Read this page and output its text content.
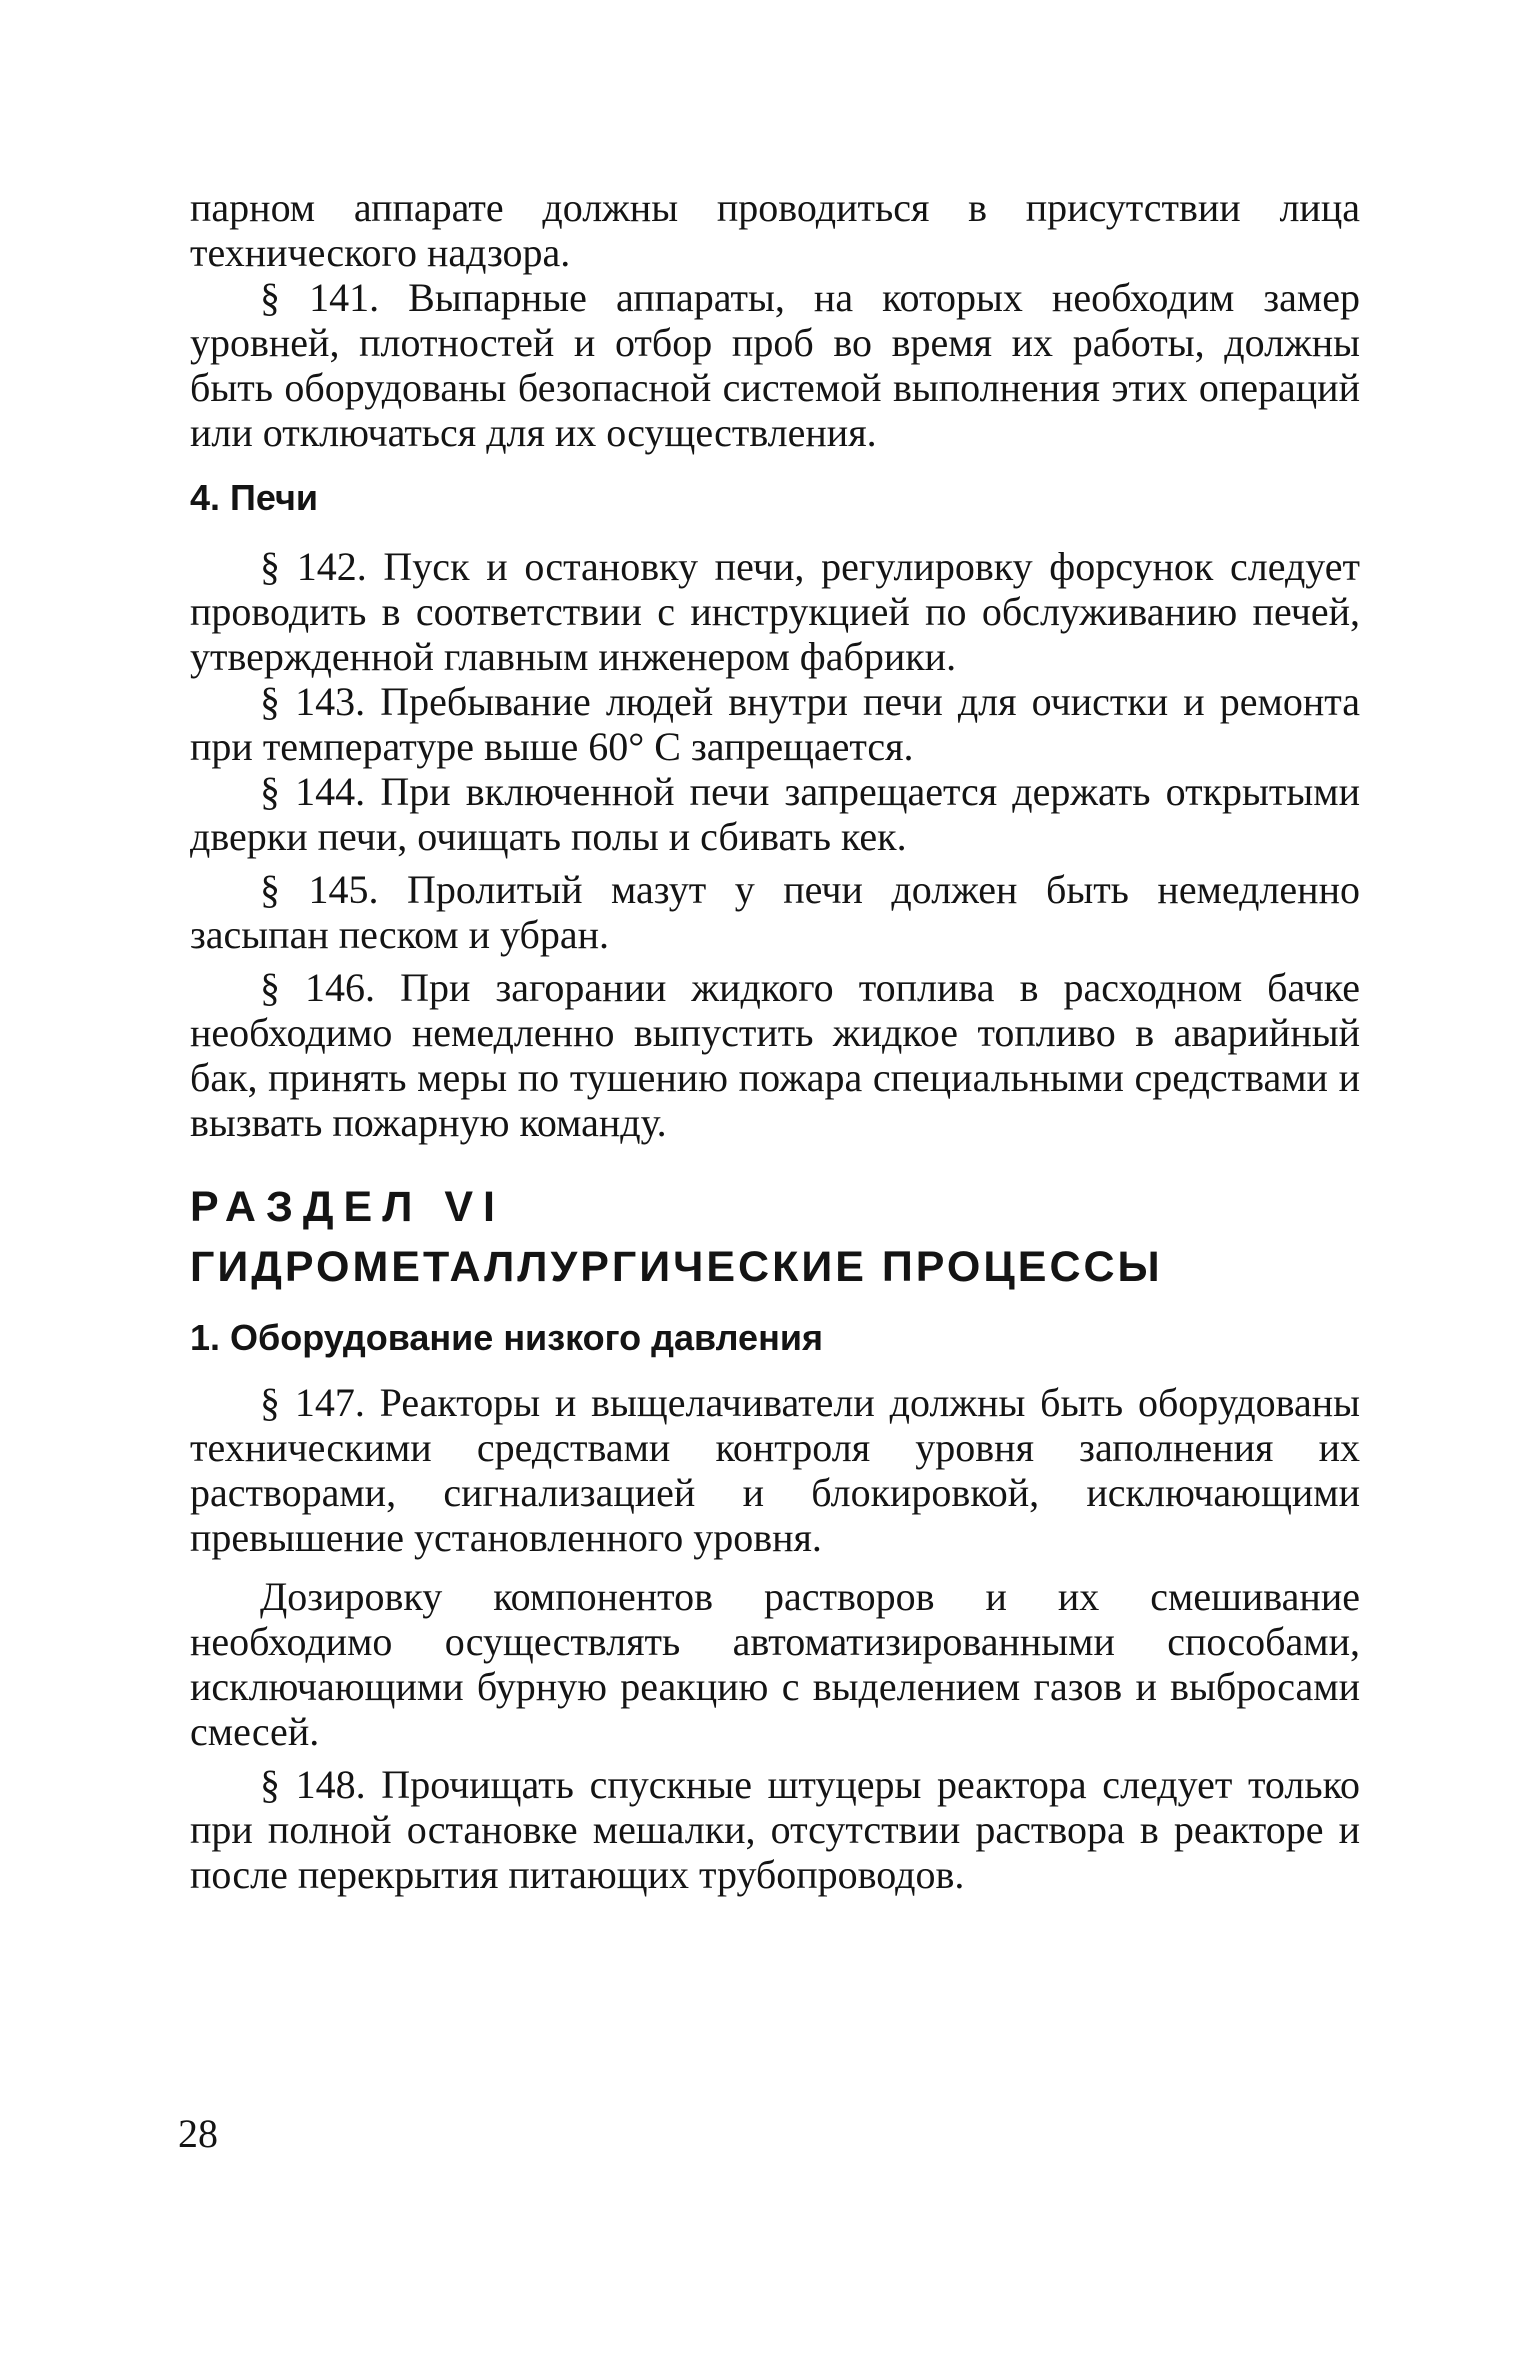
парном аппарате должны проводиться в присутствии лица технического надзора.

§ 141. Выпарные аппараты, на которых необходим замер уровней, плотностей и отбор проб во время их работы, должны быть оборудованы безопасной системой выполнения этих операций или отключаться для их осуществления.

4. Печи

§ 142. Пуск и остановку печи, регулировку форсунок следует проводить в соответствии с инструкцией по обслуживанию печей, утвержденной главным инженером фабрики.

§ 143. Пребывание людей внутри печи для очистки и ремонта при температуре выше 60° С запрещается.

§ 144. При включенной печи запрещается держать открытыми дверки печи, очищать полы и сбивать кек.

§ 145. Пролитый мазут у печи должен быть немедленно засыпан песком и убран.

§ 146. При загорании жидкого топлива в расходном бачке необходимо немедленно выпустить жидкое топливо в аварийный бак, принять меры по тушению пожара специальными средствами и вызвать пожарную команду.

РАЗДЕЛ VI

ГИДРОМЕТАЛЛУРГИЧЕСКИЕ ПРОЦЕССЫ

1. Оборудование низкого давления

§ 147. Реакторы и выщелачиватели должны быть оборудованы техническими средствами контроля уровня заполнения их растворами, сигнализацией и блокировкой, исключающими превышение установленного уровня.

Дозировку компонентов растворов и их смешивание необходимо осуществлять автоматизированными способами, исключающими бурную реакцию с выделением газов и выбросами смесей.

§ 148. Прочищать спускные штуцеры реактора следует только при полной остановке мешалки, отсутствии раствора в реакторе и после перекрытия питающих трубопроводов.

28
